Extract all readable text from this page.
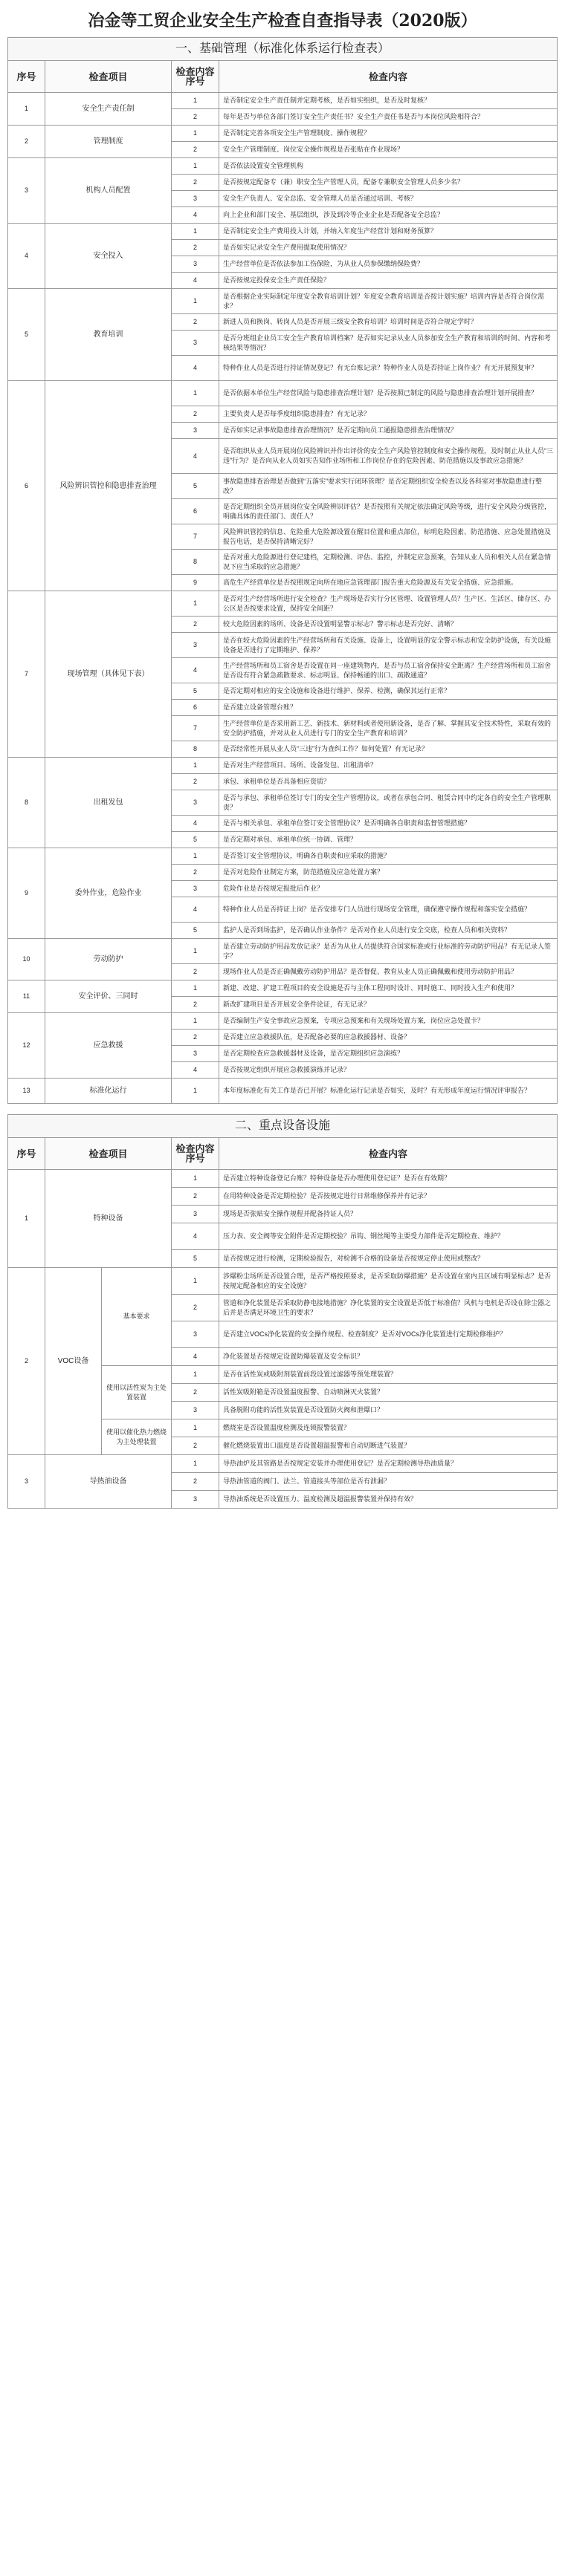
冶金等工贸企业安全生产检查自查指导表（2020版）
一、基础管理（标准化体系运行检查表）
序号	检查项目	检查内容序号	检查内容
1	安全生产责任制	1	是否制定安全生产责任制并定期考核，是否如实组织，是否及时复核？
		2	每年是否与单位各部门签订安全生产责任书？安全生产责任书是否与本岗位风险相符合？
2	管理制度	1	是否制定完善各项安全生产管理制度、操作规程？
		2	安全生产管理制度、岗位安全操作规程是否张贴在作业现场？
3	机构人员配置	1	是否依法设置安全管理机构
		2	是否按规定配备专（兼）职安全生产管理人员，配备专兼职安全管理人员多少名？
		3	安全生产负责人、安全总监、安全管理人员是否通过培训、考核？
		4	向上企业和部门安全、基层组织，涉及到冷等企业企业是否配备安全总监？
4	安全投入	1	是否制定安全生产费用投入计划，并纳入年度生产经营计划和财务预算？
		2	是否如实记录安全生产费用提取使用情况？
		3	生产经营单位是否依法参加工伤保险，为从业人员参保缴纳保险费？
		4	是否按规定投保安全生产责任保险？
5	教育培训	1	是否根据企业实际制定年度安全教育培训计划？年度安全教育培训是否按计划实施？培训内容是否符合岗位需求？
		2	新进人员和换岗、转岗人员是否开展三级安全教育培训？培训时间是否符合规定学时？
		3	是否分班组企业员工安全生产教育培训档案？是否如实记录从业人员参加安全生产教育和培训的时间、内容和考核结果等情况？
		4	特种作业人员是否进行持证情况登记？有无台账记录？特种作业人员是否持证上岗作业？有无开展预复审？
6	风险辨识管控和隐患排查治理	1	是否依据本单位生产经营风险与隐患排查治理计划？是否按照已制定的风险与隐患排查治理计划开展排查？
		2	主要负责人是否每季度组织隐患排查？有无记录？
		3	是否如实记录事故隐患排查治理情况？是否定期向员工通报隐患排查治理情况？
		4	是否组织从业人员开展岗位风险辨识并作出评价的安全生产风险管控制度和安全操作规程，及时制止从业人员“三违”行为？是否向从业人员如实告知作业场所和工作岗位存在的危险因素、防范措施以及事故应急措施？
		5	事故隐患排查治理是否做到“五落实”要求实行闭环管理？是否定期组织安全检查以及各科室对事故隐患进行整改？
		6	是否定期组织全员开展岗位安全风险辨识评估？是否按照有关规定依法确定风险等级，进行安全风险分级管控，明确具体的责任部门、责任人？
		7	风险辨识管控的信息、危险重大危险源设置在醒目位置和重点部位，标明危险因素、防范措施、应急处置措施及报告电话，是否保持清晰完好？
		8	是否对重大危险源进行登记建档，定期检测、评估、监控，并制定应急预案，告知从业人员和相关人员在紧急情况下应当采取的应急措施？
		9	高危生产经营单位是否按照规定向所在地应急管理部门报告重大危险源及有关安全措施、应急措施。
7	现场管理（具体见下表）	1	是否对生产经营场所进行安全检查？生产现场是否实行分区管理、设置管理人员？生产区、生活区、储存区、办公区是否按要求设置，保持安全间距？
		2	较大危险因素的场所、设备是否设置明显警示标志？警示标志是否完好、清晰？
		3	是否在较大危险因素的生产经营场所和有关设施、设备上，设置明显的安全警示标志和安全防护设施，有关设施设备是否进行了定期维护、保养？
		4	生产经营场所和员工宿舍是否设置在同一座建筑物内，是否与员工宿舍保持安全距离？生产经营场所和员工宿舍是否设有符合紧急疏散要求、标志明显、保持畅通的出口、疏散通道？
		5	是否定期对相应的安全设施和设备进行维护、保养、检测，确保其运行正常？
		6	是否建立设备管理台账？
		7	生产经营单位是否采用新工艺、新技术、新材料或者使用新设备，是否了解、掌握其安全技术特性，采取有效的安全防护措施，并对从业人员进行专门的安全生产教育和培训？
		8	是否经常性开展从业人员“三违”行为查纠工作？如何处置？有无记录？
8	出租发包	1	是否对生产经营项目、场所、设备发包、出租清单？
		2	承包、承租单位是否具备相应资质？
		3	是否与承包、承租单位签订专门的安全生产管理协议，或者在承包合同、租赁合同中约定各自的安全生产管理职责？
		4	是否与相关承包、承租单位签订安全管理协议？是否明确各自职责和监督管理措施？
		5	是否定期对承包、承租单位统一协调、管理？
9	委外作业，危险作业	1	是否签订安全管理协议，明确各自职责和应采取的措施？
		2	是否对危险作业制定方案，防范措施及应急处置方案？
		3	危险作业是否按规定报批后作业？
		4	特种作业人员是否持证上岗？是否安排专门人员进行现场安全管理，确保遵守操作规程和落实安全措施？
		5	监护人是否到场监护，是否确认作业条件？是否对作业人员进行安全交底，检查人员和相关资料？
10	劳动防护	1	是否建立劳动防护用品发放记录？是否为从业人员提供符合国家标准或行业标准的劳动防护用品？有无记录人签字？
		2	现场作业人员是否正确佩戴劳动防护用品？是否督促、教育从业人员正确佩戴和使用劳动防护用品？
11	安全评价、三同时	1	新建、改建、扩建工程项目的安全设施是否与主体工程同时设计、同时施工、同时投入生产和使用？
		2	新改扩建项目是否开展安全条件论证，有无记录？
12	应急救援	1	是否编制生产安全事故应急预案，专项应急预案和有关现场处置方案，岗位应急处置卡？
		2	是否建立应急救援队伍，是否配备必要的应急救援器材、设备？
		3	是否定期检查应急救援器材及设备，是否定期组织应急演练？
		4	是否按规定组织开展应急救援演练并记录？
13	标准化运行	1	本年度标准化有关工作是否已开展？标准化运行记录是否如实，及时？有无形成年度运行情况评审报告？
二、重点设备设施
序号	检查项目		检查内容序号	检查内容
1	特种设备		1	是否建立特种设备登记台账？特种设备是否办理使用登记证？是否在有效期？
			2	在用特种设备是否定期检验？是否按规定进行日常维修保养并有记录？
			3	现场是否张贴安全操作规程并配备持证人员？
			4	压力表、安全阀等安全附件是否定期校验？吊钩、钢丝绳等主要受力部件是否定期检查、维护？
			5	是否按规定进行检测，定期检验报告，对检测不合格的设备是否按规定停止使用或整改？
2	VOC设备	基本要求	1	涉爆粉尘场所是否设置合理，是否严格按照要求，是否采取防爆措施？是否设置在室内且区域有明显标志？是否按规定配备相应的安全设施？
			2	管道和净化装置是否采取防静电接地措施？净化装置的安全设置是否低于标准值？风机与电机是否设在除尘器之后并是否满足环境卫生的要求？
			3	是否建立VOCs净化装置的安全操作规程、检查制度？是否对VOCs净化装置进行定期检修维护？
			4	净化装置是否按规定设置防爆装置及安全标识？
		使用以活性炭为主处置装置	1	是否在活性炭或吸附剂装置前段设置过滤器等预处理装置？
			2	活性炭吸附箱是否设置温度报警、自动喷淋灭火装置？
			3	具备脱附功能的活性炭装置是否设置防火阀和泄爆口？
		使用以催化热力燃烧为主处理装置	1	燃烧室是否设置温度检测及连锁报警装置？
			2	催化燃烧装置出口温度是否设置超温报警和自动切断进气装置？
3	导热油设备		1	导热油炉及其管路是否按规定安装并办理使用登记？是否定期检测导热油质量？
			2	导热油管道的阀门、法兰、管道接头等部位是否有泄漏？
			3	导热油系统是否设置压力、温度检测及超温报警装置并保持有效？
